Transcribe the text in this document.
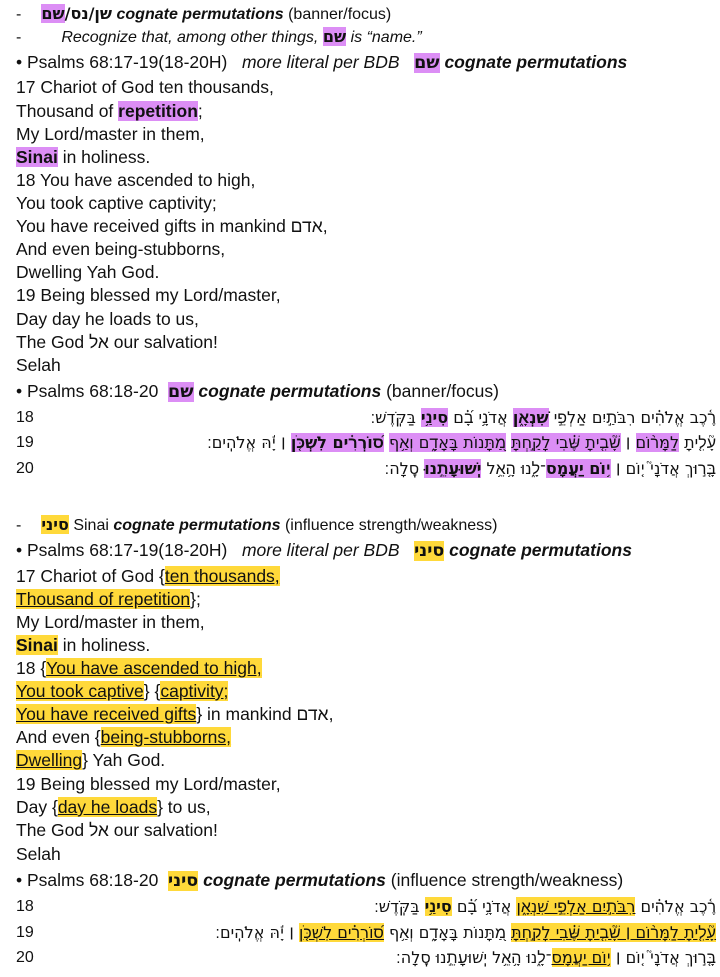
-	שן/נס/שם	cognate permutations (banner/focus)
-	Recognize that, among other things, שם is “name.”
• Psalms 68:17-19(18-20H) more literal per BDB שם cognate permutations
17 Chariot of God ten thousands,
Thousand of repetition;
My Lord/master in them,
Sinai in holiness.
18 You have ascended to high,
You took captive captivity;
You have received gifts in mankind אדם,
And even being-stubborns,
Dwelling Yah God.
19 Being blessed my Lord/master,
Day day he loads to us,
The God אל our salvation!
Selah
• Psalms 68:18-20 שם cognate permutations (banner/focus)
18	רֶ֫כֶב אֱלֹהִ֗ים רִבֹּתַ֣יִם אַלְפֵ֣י שִׁנְאָ֑ן אֲדֹנָ֥י בָ֝֗ם סִינַ֥י בַּקֹּֽדֶשׁ׃
19	עָ֘לִ֤יתָ לַמָּר֨וֹם ׀ שָׁ֘בִ֤יתָ שֶּׁ֗בִי לָקַ֣חְתָּ מַ֭תָּנוֹת בָּאָדָ֑ם וְאַ֥ף ס֝וֹרְרִ֗ים לִשְׁכֹּ֤ן ׀ יָ֬הּ אֱלֹהִֽים׃
20	בָּ֤ר֣וּךְ אֲדֹנָי֮ י֤וֹם ׀ י֥וֹם יַעֲמָס־לָ֑נוּ הָ֥אֵ֥ל יְֽשׁוּעָתֵ֣נוּ סֶֽלָה׃
- סיני Sinai cognate permutations (influence strength/weakness)
• Psalms 68:17-19(18-20H) more literal per BDB סיני cognate permutations
17 Chariot of God {ten thousands,
Thousand of repetition};
My Lord/master in them,
Sinai in holiness.
18 {You have ascended to high,
You took captive} {captivity;
You have received gifts} in mankind אדם,
And even {being-stubborns,
Dwelling} Yah God.
19 Being blessed my Lord/master,
Day {day he loads} to us,
The God אל our salvation!
Selah
• Psalms 68:18-20 סיני cognate permutations (influence strength/weakness)
18	רֶ֫כֶב אֱלֹהִ֗ים רִבֹּתַ֣יִם אַלְפֵ֣י שִׁנְאָ֑ן אֲדֹנָ֥י בָ֝֗ם סִינַ֥י בַּקֹּֽדֶשׁ׃
19	עָ֘לִ֤יתָ לַמָּר֨וֹם ׀ שָׁ֘בִ֤יתָ שֶּׁ֗בִי לָקַ֣חְתָּ מַ֭תָּנוֹת בָּאָדָ֑ם וְאַ֥ף ס֝וֹרְרִ֗ים לִשְׁכֹּ֤ן ׀ יָ֬הּ אֱלֹהִֽים׃
20	בָּ֤ר֣וּךְ אֲדֹנָי֮ י֤וֹם ׀ י֥וֹם יַעֲמָס־לָ֑נוּ הָ֥אֵ֥ל יְֽשׁוּעָתֵ֣נוּ סֶֽלָה׃
